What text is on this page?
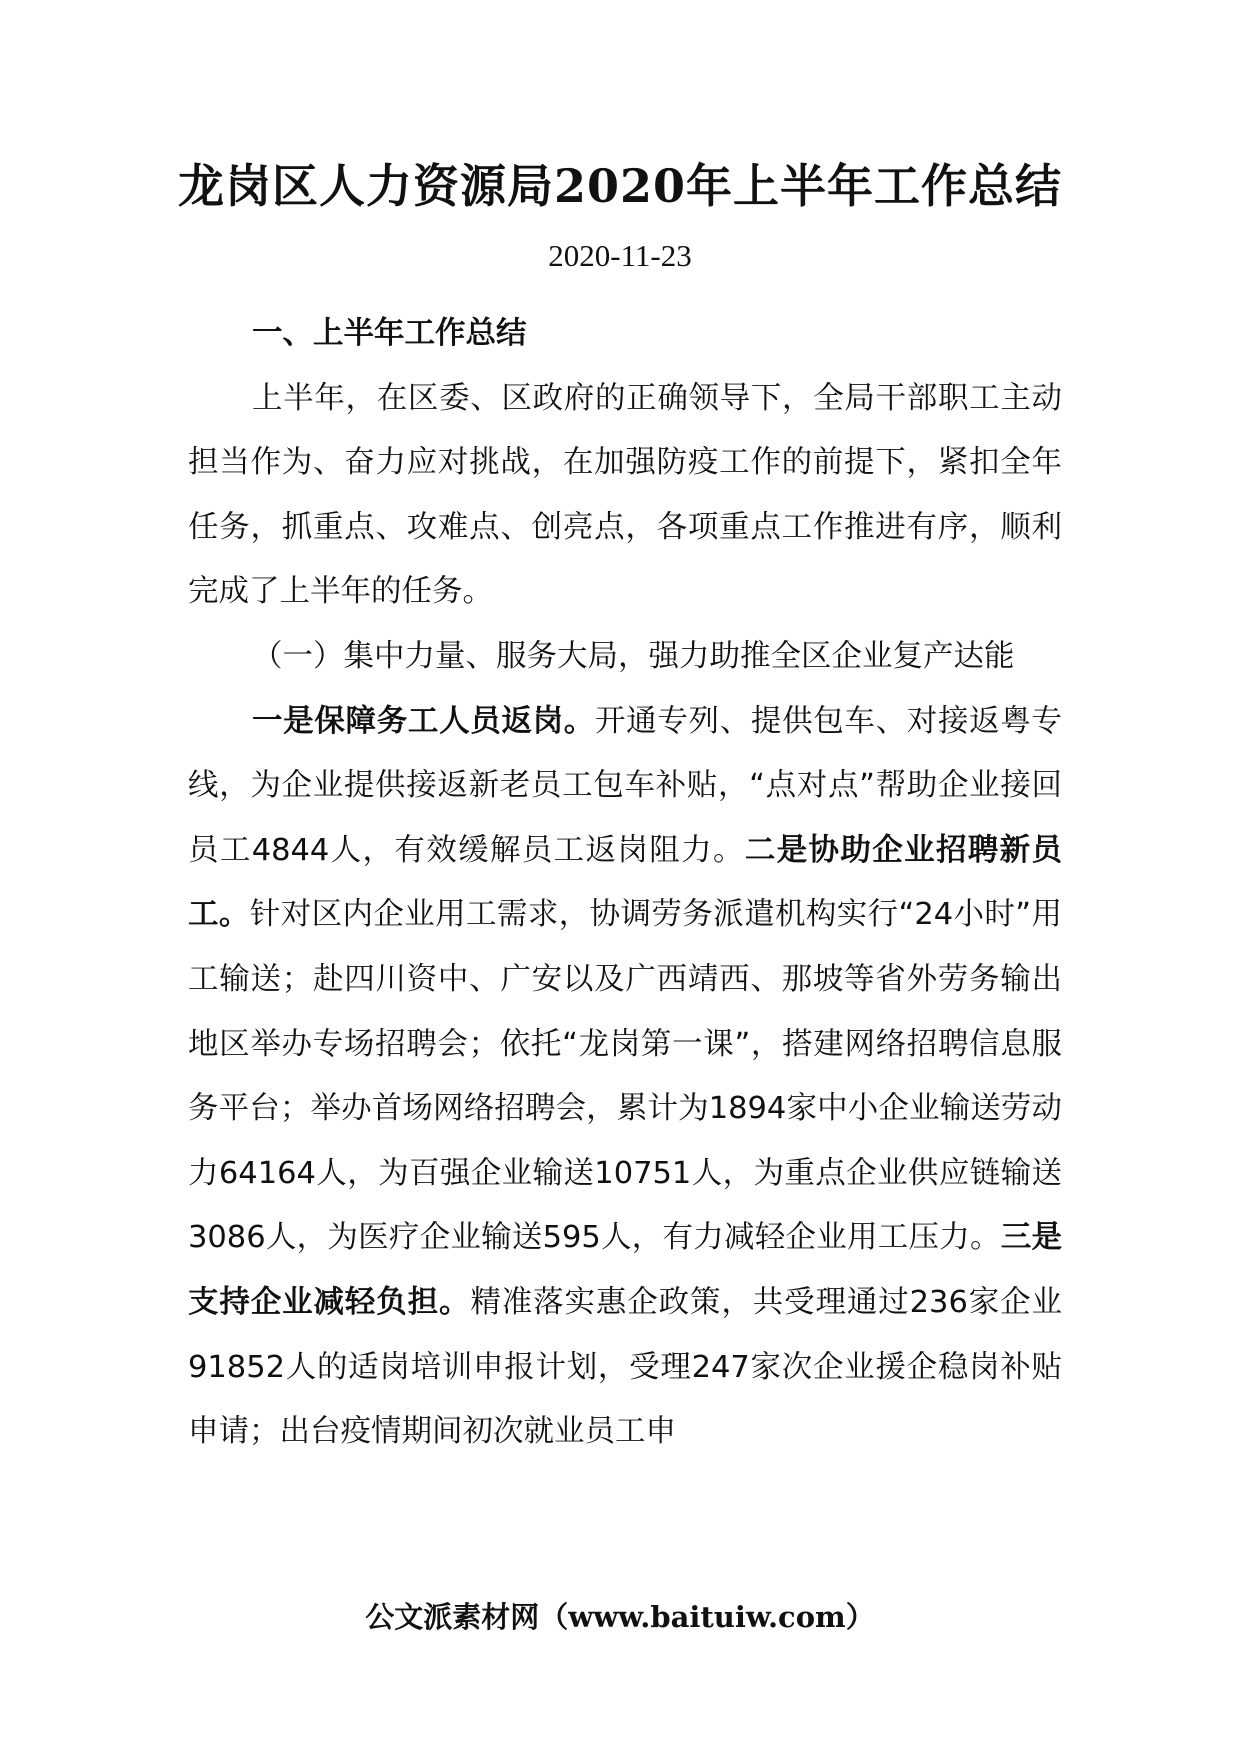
龙岗区人力资源局2020年上半年工作总结
2020-11-23

一、上半年工作总结

上半年，在区委、区政府的正确领导下，全局干部职工主动担当作为、奋力应对挑战，在加强防疫工作的前提下，紧扣全年任务，抓重点、攻难点、创亮点，各项重点工作推进有序，顺利完成了上半年的任务。

（一）集中力量、服务大局，强力助推全区企业复产达能

一是保障务工人员返岗。开通专列、提供包车、对接返粤专线，为企业提供接返新老员工包车补贴，“点对点”帮助企业接回员工4844人，有效缓解员工返岗阻力。二是协助企业招聘新员工。针对区内企业用工需求，协调劳务派遣机构实行“24小时”用工输送；赴四川资中、广安以及广西靖西、那坡等省外劳务输出地区举办专场招聘会；依托“龙岗第一课”，搭建网络招聘信息服务平台；举办首场网络招聘会，累计为1894家中小企业输送劳动力64164人，为百强企业输送10751人，为重点企业供应链输送3086人，为医疗企业输送595人，有力减轻企业用工压力。三是支持企业减轻负担。精准落实惠企政策，共受理通过236家企业91852人的适岗培训申报计划，受理247家次企业援企稳岗补贴申请；出台疫情期间初次就业员工申

公文派素材网（www.baituiw.com）
